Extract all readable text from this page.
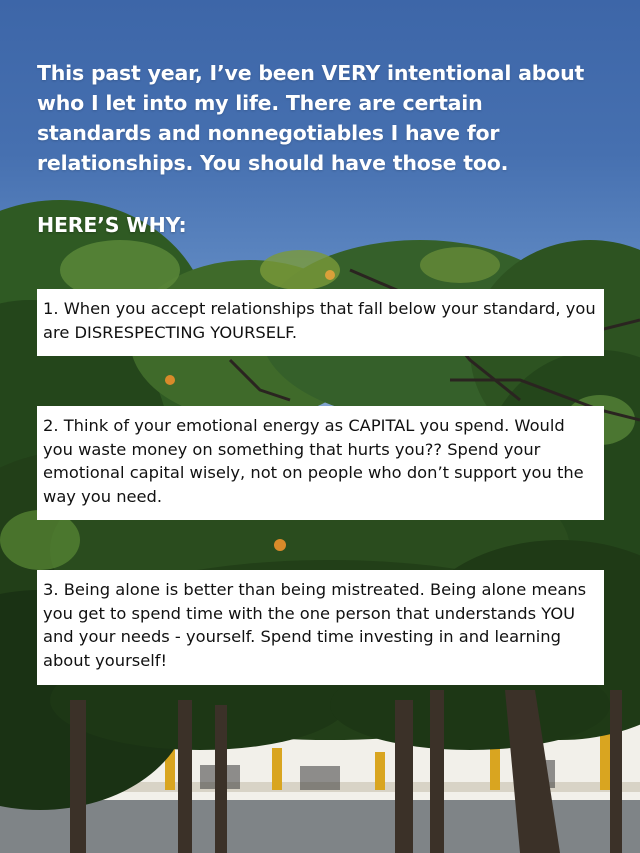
This past year, I’ve been VERY intentional about who I let into my life. There are certain standards and nonnegotiables I have for relationships. You should have those too.
HERE’S WHY:

1. When you accept relationships that fall below your standard, you are DISRESPECTING YOURSELF.

2. Think of your emotional energy as CAPITAL you spend. Would you waste money on something that hurts you?? Spend your emotional capital wisely, not on people who don’t support you the way you need.

3. Being alone is better than being mistreated. Being alone means you get to spend time with the one person that understands YOU and your needs - yourself. Spend time investing in and learning about yourself!
